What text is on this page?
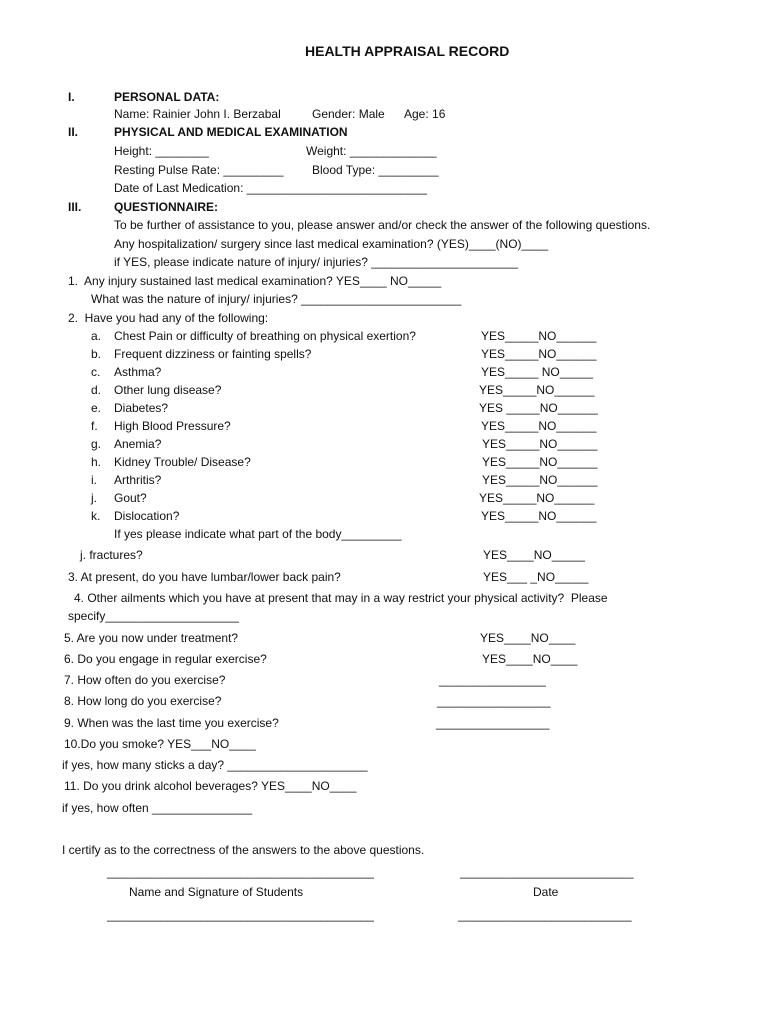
HEALTH APPRAISAL RECORD
I.	PERSONAL DATA:
Name: Rainier John I. Berzabal	Gender: Male Age: 16
II.	PHYSICAL AND MEDICAL EXAMINATION
Height: ________	Weight: _____________
Resting Pulse Rate: _________ Blood Type: _________
Date of Last Medication: ___________________________
III.	QUESTIONNAIRE:
To be further of assistance to you, please answer and/or check the answer of the following questions.
Any hospitalization/ surgery since last medical examination? (YES)____(NO)____
if YES, please indicate nature of injury/ injuries? ______________________
1.  Any injury sustained last medical examination? YES____ NO_____
What was the nature of injury/ injuries? ________________________
2.  Have you had any of the following:
a. Chest Pain or difficulty of breathing on physical exertion?	YES_____NO______
b. Frequent dizziness or fainting spells?	YES_____NO______
c. Asthma?	YES_____ NO_____
d. Other lung disease?	YES_____NO______
e. Diabetes?	YES _____NO______
f. High Blood Pressure?	YES_____NO______
g. Anemia?	YES_____NO______
h. Kidney Trouble/ Disease?	YES_____NO______
i. Arthritis?	YES_____NO______
j. Gout?	YES_____NO______
k. Dislocation?	YES_____NO______
If yes please indicate what part of the body_________
j. fractures?	YES____NO_____
3. At present, do you have lumbar/lower back pain?	YES___ _NO_____
4. Other ailments which you have at present that may in a way restrict your physical activity?  Please
specify____________________
5. Are you now under treatment?	YES____NO____
6. Do you engage in regular exercise?	YES____NO____
7. How often do you exercise?	________________
8. How long do you exercise?	_________________
9. When was the last time you exercise?	_________________
10.Do you smoke? YES___NO____
if yes, how many sticks a day? _____________________
11. Do you drink alcohol beverages? YES____NO____
if yes, how often _______________
I certify as to the correctness of the answers to the above questions.
________________________________________	__________________________
Name and Signature of Students	Date
________________________________________	__________________________
